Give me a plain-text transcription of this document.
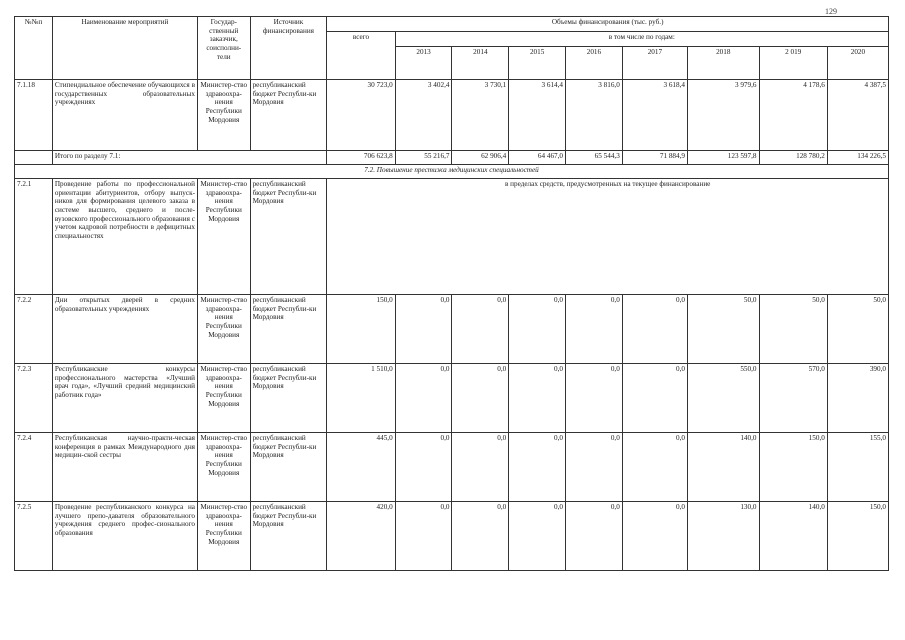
129
№№п	Наименование мероприятий	Государ-ственный заказчик, соисполни-тели	Источник финансирования	Объемы финансирования (тыс. руб.)								
				всего	в том числе по годам:							
					2013	2014	2015	2016	2017	2018	2 019	2020
7.1.18	Стипендиальное обеспечение обучающихся в государственных образовательных учреждениях	Министер-ство здравоохра-нения Республики Мордовия	республиканский бюджет Республи-ки Мордовия	30 723,0	3 402,4	3 730,1	3 614,4	3 816,0	3 618,4	3 979,6	4 178,6	4 387,5
	Итого по разделу 7.1:			706 623,8	55 216,7	62 906,4	64 467,0	65 544,3	71 884,9	123 597,8	128 780,2	134 226,5
7.2. Повышение престижа медицинских специальностей												
7.2.1	Проведение работы по профессиональной ориентации абитуриентов, отбору выпуск-ников для формирования целевого заказа в системе высшего, среднего и после-вузовского профессионального образования с учетом кадровой потребности в дефицитных специальностях	Министер-ство здравоохра-нения Республики Мордовия	республиканский бюджет Республи-ки Мордовия	в пределах средств, предусмотренных на текущее финансирование								
7.2.2	Дни открытых дверей в средних образовательных учреждениях	Министер-ство здравоохра-нения Республики Мордовия	республиканский бюджет Республи-ки Мордовия	150,0	0,0	0,0	0,0	0,0	0,0	50,0	50,0	50,0
7.2.3	Республиканские конкурсы профессионального мастерства «Лучший врач года», «Лучший средний медицинский работник года»	Министер-ство здравоохра-нения Республики Мордовия	республиканский бюджет Республи-ки Мордовия	1 510,0	0,0	0,0	0,0	0,0	0,0	550,0	570,0	390,0
7.2.4	Республиканская научно-практи-ческая конференция в рамках Международного дня медицин-ской сестры	Министер-ство здравоохра-нения Республики Мордовия	республиканский бюджет Республи-ки Мордовия	445,0	0,0	0,0	0,0	0,0	0,0	140,0	150,0	155,0
7.2.5	Проведение республиканского конкурса на лучшего препо-давателя образовательного учреждения среднего профес-сионального образования	Министер-ство здравоохра-нения Республики Мордовия	республиканский бюджет Республи-ки Мордовия	420,0	0,0	0,0	0,0	0,0	0,0	130,0	140,0	150,0
